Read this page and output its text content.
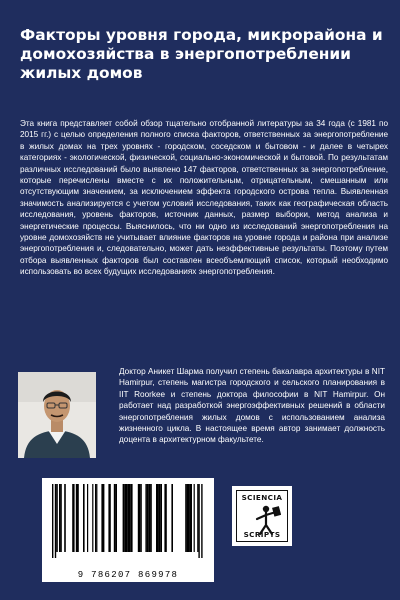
Факторы уровня города, микрорайона и домохозяйства в энергопотреблении жилых домов
Эта книга представляет собой обзор тщательно отобранной литературы за 34 года (с 1981 по 2015 гг.) с целью определения полного списка факторов, ответственных за энергопотребление в жилых домах на трех уровнях - городском, соседском и бытовом - и далее в четырех категориях - экологической, физической, социально-экономической и бытовой. По результатам различных исследований было выявлено 147 факторов, ответственных за энергопотребление, которые перечислены вместе с их положительным, отрицательным, смешанным или отсутствующим значением, за исключением эффекта городского острова тепла. Выявленная значимость анализируется с учетом условий исследования, таких как географическая область исследования, уровень факторов, источник данных, размер выборки, метод анализа и энергетические процессы. Выяснилось, что ни одно из исследований энергопотребления на уровне домохозяйств не учитывает влияние факторов на уровне города и района при анализе энергопотребления и, следовательно, может дать неэффективные результаты. Поэтому путем отбора выявленных факторов был составлен всеобъемлющий список, который необходимо использовать во всех будущих исследованиях энергопотребления.
Доктор Аникет Шарма получил степень бакалавра архитектуры в NIT Hamirpur, степень магистра городского и сельского планирования в IIT Roorkee и степень доктора философии в NIT Hamirpur. Он работает над разработкой энергоэффективных решений в области энергопотребления жилых домов с использованием анализа жизненного цикла. В настоящее время автор занимает должность доцента в архитектурном факультете.
9 786207 869978
SCIENCIA
SCRIPTS
